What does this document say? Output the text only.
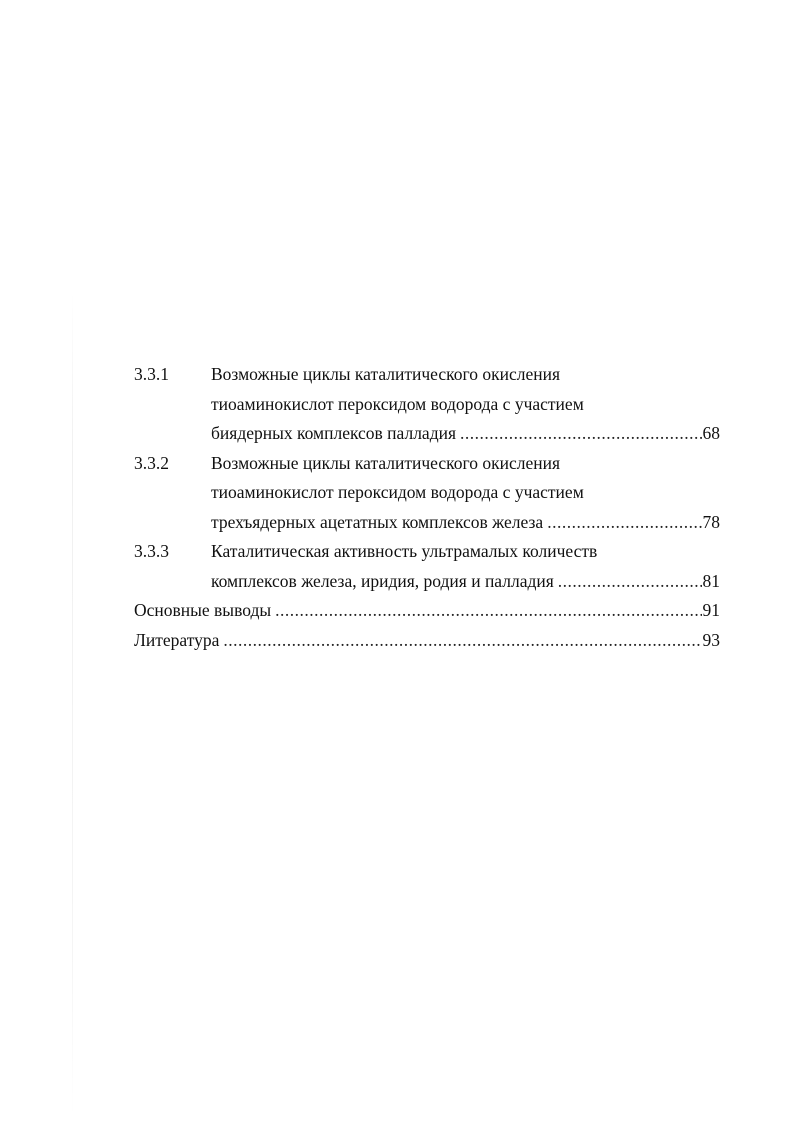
3.3.1 Возможные циклы каталитического окисления
тиоаминокислот пероксидом водорода с участием
биядерных комплексов палладия .....	68
3.3.2 Возможные циклы каталитического окисления
тиоаминокислот пероксидом водорода с участием
трехъядерных ацетатных комплексов железа .....	78
3.3.3 Каталитическая активность ультрамалых количеств
комплексов железа, иридия, родия и палладия .....	81
Основные выводы .....	91
Литература .....	93
